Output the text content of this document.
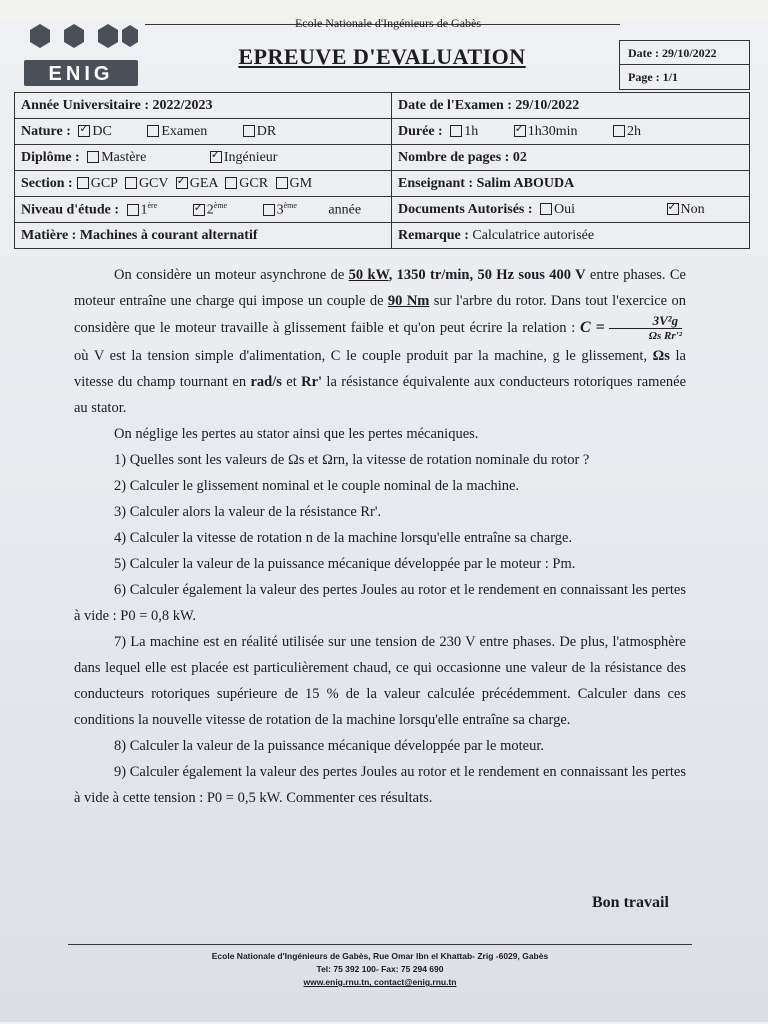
ENIG
Ecole Nationale d'Ingénieurs de Gabès
EPREUVE D'EVALUATION	Date : 29/10/2022
Page : 1/1
Année Universitaire : 2022/2023	Date de l'Examen : 29/10/2022
Nature : ✓ DC Examen DR	Durée : 1h ✓ 1h30min 2h
Diplôme : Mastère ✓ Ingénieur	Nombre de pages : 02
Section : GCP GCV ✓ GEA GCR GM	Enseignant : Salim ABOUDA
Niveau d'étude : 1ère ✓ 2ème 3ème année	Documents Autorisés : Oui ✓ Non
Matière : Machines à courant alternatif	Remarque : Calculatrice autorisée

On considère un moteur asynchrone de 50 kW, 1350 tr/min, 50 Hz sous 400 V entre phases. Ce moteur entraîne une charge qui impose un couple de 90 Nm sur l'arbre du rotor. Dans tout l'exercice on considère que le moteur travaille à glissement faible et qu'on peut écrire la relation : $C = \frac{\text{3V²g}}{\text{Ωs Rr'²}}$
où V est la tension simple d'alimentation, C le couple produit par la machine, g le glissement, Ωs la vitesse du champ tournant en rad/s et Rr' la résistance équivalente aux conducteurs rotoriques ramenée au stator.

On néglige les pertes au stator ainsi que les pertes mécaniques.

1) Quelles sont les valeurs de Ωs et Ωrn, la vitesse de rotation nominale du rotor ?

2) Calculer le glissement nominal et le couple nominal de la machine.

3) Calculer alors la valeur de la résistance Rr'.

4) Calculer la vitesse de rotation n de la machine lorsqu'elle entraîne sa charge.

5) Calculer la valeur de la puissance mécanique développée par le moteur : Pm.

6) Calculer également la valeur des pertes Joules au rotor et le rendement en connaissant les pertes à vide : P0 = 0,8 kW.

7) La machine est en réalité utilisée sur une tension de 230 V entre phases. De plus, l'atmosphère dans lequel elle est placée est particulièrement chaud, ce qui occasionne une valeur de la résistance des conducteurs rotoriques supérieure de 15 % de la valeur calculée précédemment. Calculer dans ces conditions la nouvelle vitesse de rotation de la machine lorsqu'elle entraîne sa charge.

8) Calculer la valeur de la puissance mécanique développée par le moteur.

9) Calculer également la valeur des pertes Joules au rotor et le rendement en connaissant les pertes à vide à cette tension : P0 = 0,5 kW. Commenter ces résultats.

Bon travail
Ecole Nationale d'Ingénieurs de Gabès, Rue Omar Ibn el Khattab- Zrig -6029, Gabès
Tel: 75 392 100- Fax: 75 294 690
www.enig.rnu.tn, contact@enig.rnu.tn
